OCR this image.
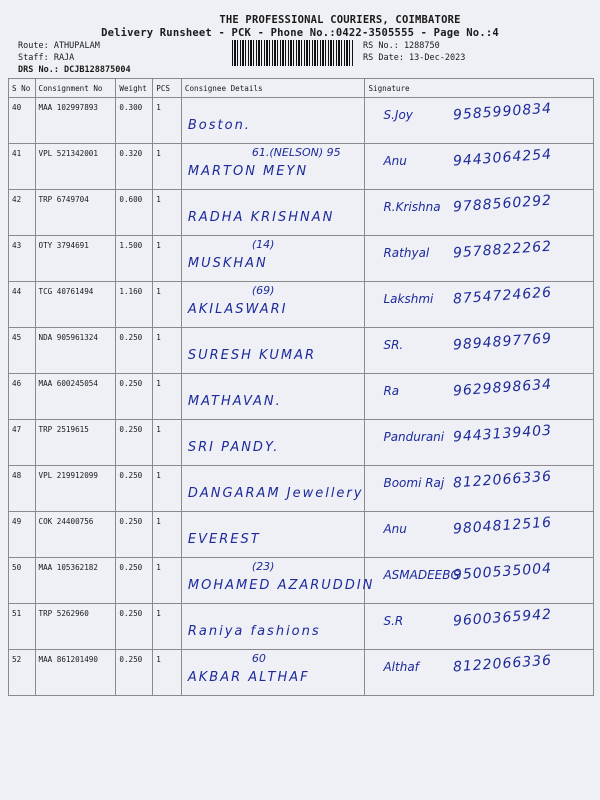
THE PROFESSIONAL COURIERS, COIMBATORE
Delivery Runsheet - PCK - Phone No.:0422-3505555 - Page No.:4
Route: ATHUPALAM
Staff: RAJA
DRS No.: DCJB128875004
RS No.: 1288750
RS Date: 13-Dec-2023
S No	Consignment No	Weight	PCS	Consignee Details	Signature
40	MAA 102997893	0.300	1	Boston.	S.Joy 9585990834

41	VPL 521342001	0.320	1	61.(NELSON) 95
MARTON MEYN	Anu 9443064254

42	TRP 6749704	0.600	1	RADHA KRISHNAN	R.Krishna 9788560292

43	OTY 3794691	1.500	1	(14)
MUSKHAN	Rathyal 9578822262

44	TCG 40761494	1.160	1	(69)
AKILASWARI	Lakshmi 8754724626

45	NDA 905961324	0.250	1	SURESH KUMAR	SR. 9894897769

46	MAA 600245054	0.250	1	MATHAVAN.	Ra 9629898634

47	TRP 2519615	0.250	1	SRI PANDY.	Pandurani 9443139403

48	VPL 219912099	0.250	1	DANGARAM Jewellery	Boomi Raj 8122066336

49	COK 24400756	0.250	1	EVEREST	Anu 9804812516

50	MAA 105362182	0.250	1	(23)
MOHAMED AZARUDDIN	ASMADEEBG
9500535004

51	TRP 5262960	0.250	1	Raniya fashions	S.R 9600365942

52	MAA 861201490	0.250	1	60
AKBAR ALTHAF	Althaf 8122066336
